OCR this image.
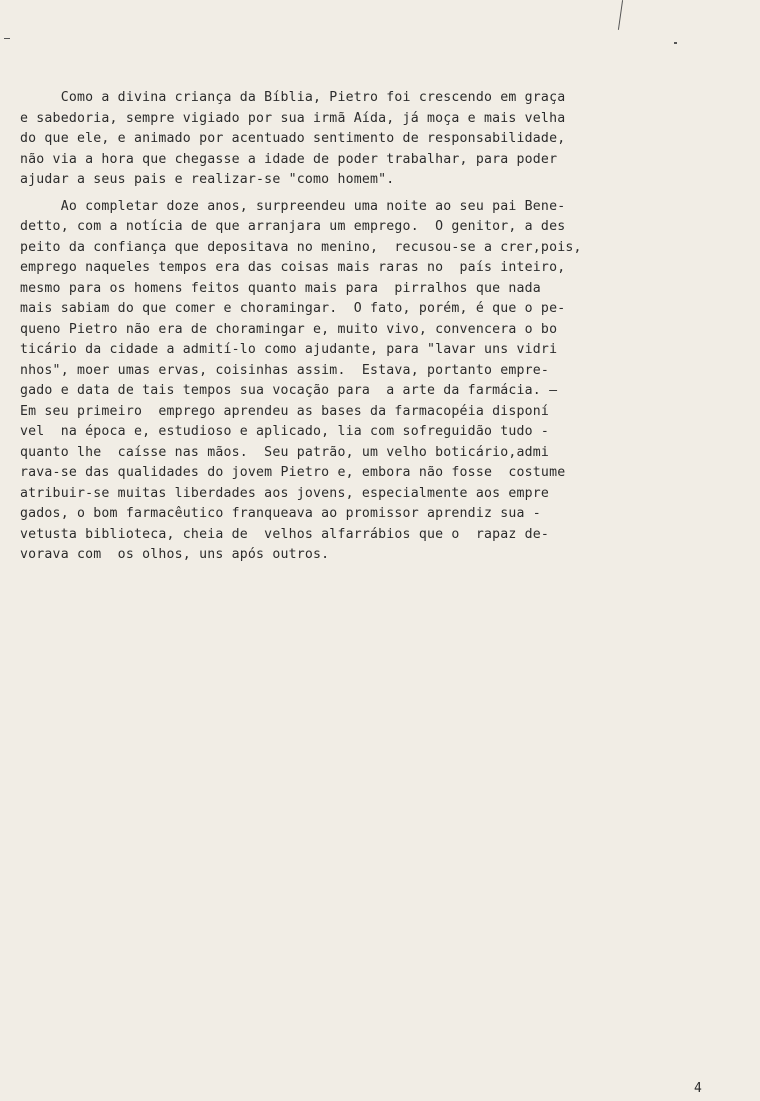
Como a divina criança da Bíblia, Pietro foi crescendo em graça
e sabedoria, sempre vigiado por sua irmã Aída, já moça e mais velha
do que ele, e animado por acentuado sentimento de responsabilidade,
não via a hora que chegasse a idade de poder trabalhar, para poder
ajudar a seus pais e realizar-se "como homem".
Ao completar doze anos, surpreendeu uma noite ao seu pai Bene-
detto, com a notícia de que arranjara um emprego.  O genitor, a des
peito da confiança que depositava no menino,  recusou-se a crer,pois,
emprego naqueles tempos era das coisas mais raras no  país inteiro,
mesmo para os homens feitos quanto mais para  pirralhos que nada
mais sabiam do que comer e choramingar.  O fato, porém, é que o pe-
queno Pietro não era de choramingar e, muito vivo, convencera o bo
ticário da cidade a admití-lo como ajudante, para "lavar uns vidri
nhos", moer umas ervas, coisinhas assim.  Estava, portanto empre-
gado e data de tais tempos sua vocação para  a arte da farmácia. —
Em seu primeiro  emprego aprendeu as bases da farmacopéia disponí
vel  na época e, estudioso e aplicado, lia com sofreguidão tudo -
quanto lhe  caísse nas mãos.  Seu patrão, um velho boticário,admi
rava-se das qualidades do jovem Pietro e, embora não fosse  costume
atribuir-se muitas liberdades aos jovens, especialmente aos empre
gados, o bom farmacêutico franqueava ao promissor aprendiz sua -
vetusta biblioteca, cheia de  velhos alfarrábios que o  rapaz de-
vorava com  os olhos, uns após outros.
4
